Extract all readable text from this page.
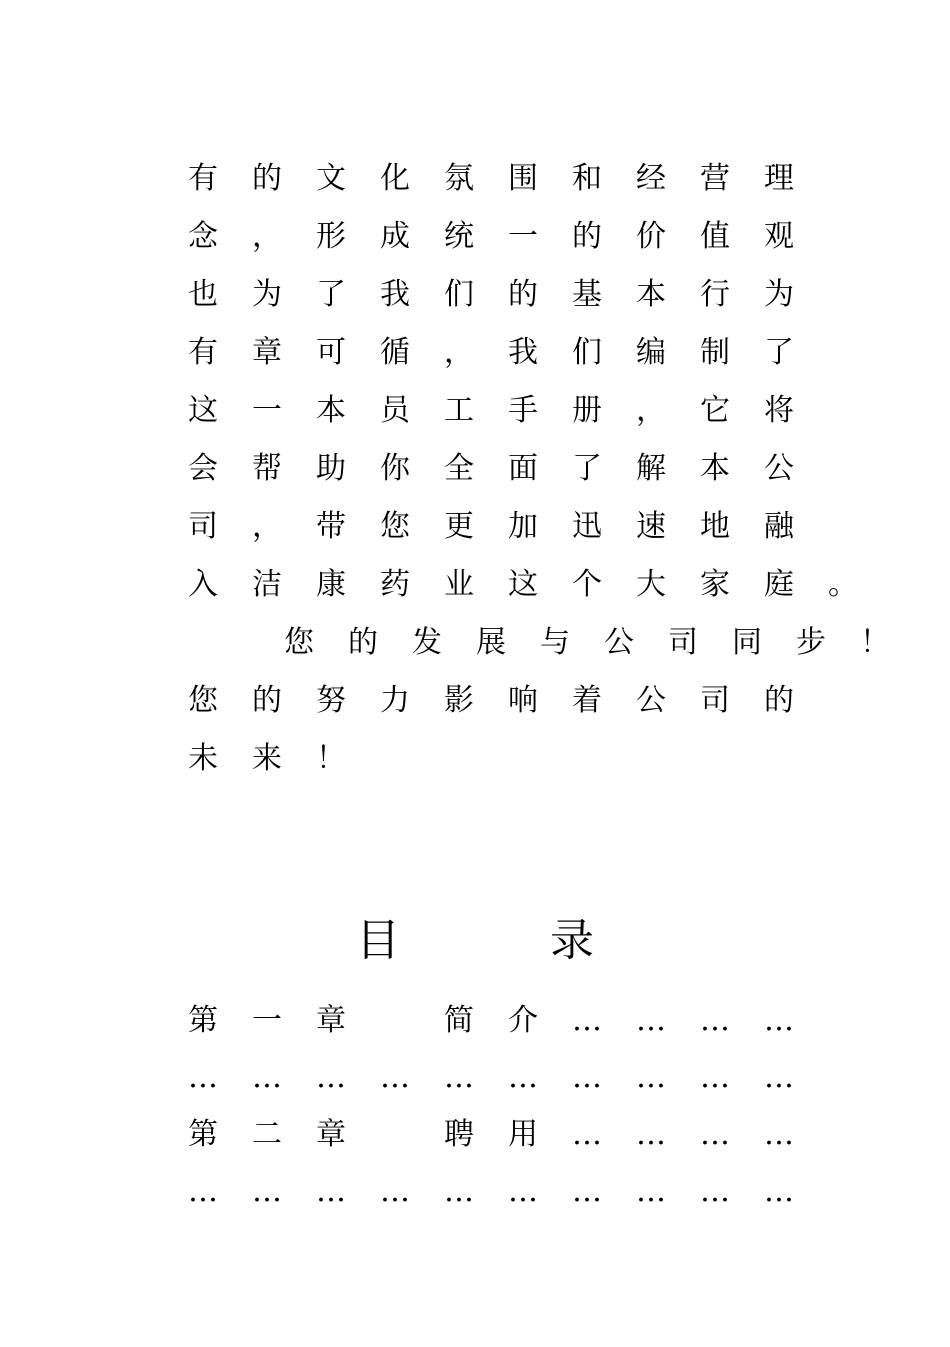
有的文化氛围和经营理
念，形成统一的价值观
也为了我们的基本行为
有章可循，我们编制了
这一本员工手册，它将
会帮助你全面了解本公
司，带您更加迅速地融
入洁康药业这个大家庭。
您的发展与公司同步！
您的努力影响着公司的
未来！
目录
第一章　简介…………
…………………………
第二章　聘用…………
…………………………
